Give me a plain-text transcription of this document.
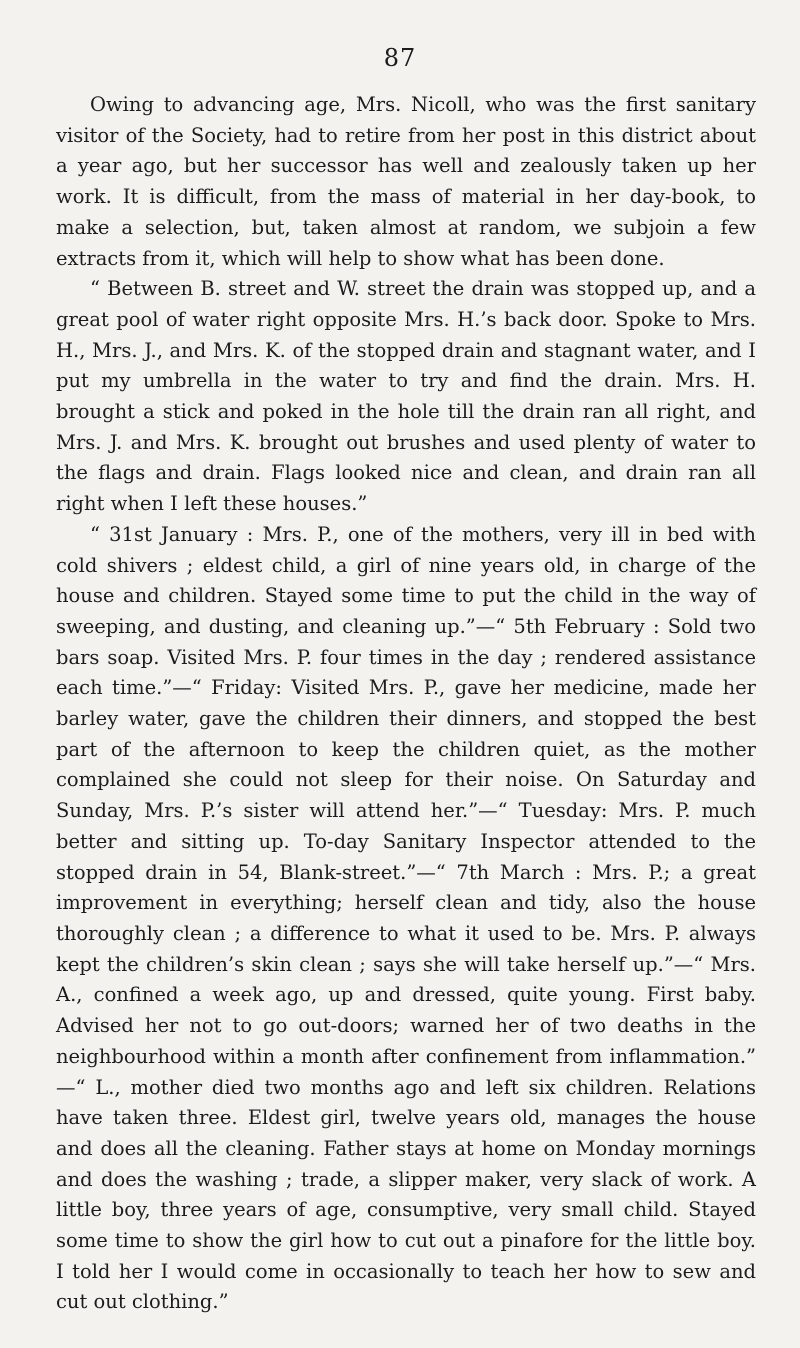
87

Owing to advancing age, Mrs. Nicoll, who was the first sanitary visitor of the Society, had to retire from her post in this district about a year ago, but her successor has well and zealously taken up her work. It is difficult, from the mass of material in her day-book, to make a selection, but, taken almost at random, we subjoin a few extracts from it, which will help to show what has been done.

“ Between B. street and W. street the drain was stopped up, and a great pool of water right opposite Mrs. H.’s back door. Spoke to Mrs. H., Mrs. J., and Mrs. K. of the stopped drain and stagnant water, and I put my umbrella in the water to try and find the drain. Mrs. H. brought a stick and poked in the hole till the drain ran all right, and Mrs. J. and Mrs. K. brought out brushes and used plenty of water to the flags and drain. Flags looked nice and clean, and drain ran all right when I left these houses.”

“ 31st January : Mrs. P., one of the mothers, very ill in bed with cold shivers ; eldest child, a girl of nine years old, in charge of the house and children. Stayed some time to put the child in the way of sweeping, and dusting, and cleaning up.”—“ 5th February : Sold two bars soap. Visited Mrs. P. four times in the day ; rendered assistance each time.”—“ Friday: Visited Mrs. P., gave her medicine, made her barley water, gave the children their dinners, and stopped the best part of the afternoon to keep the children quiet, as the mother complained she could not sleep for their noise. On Saturday and Sunday, Mrs. P.’s sister will attend her.”—“ Tuesday: Mrs. P. much better and sitting up. To-day Sanitary Inspector attended to the stopped drain in 54, Blank-street.”—“ 7th March : Mrs. P.; a great improvement in everything; herself clean and tidy, also the house thoroughly clean ; a difference to what it used to be. Mrs. P. always kept the children’s skin clean ; says she will take herself up.”—“ Mrs. A., confined a week ago, up and dressed, quite young. First baby. Advised her not to go out-doors; warned her of two deaths in the neighbourhood within a month after confinement from inflammation.” —“ L., mother died two months ago and left six children. Relations have taken three. Eldest girl, twelve years old, manages the house and does all the cleaning. Father stays at home on Monday mornings and does the washing ; trade, a slipper maker, very slack of work. A little boy, three years of age, consumptive, very small child. Stayed some time to show the girl how to cut out a pinafore for the little boy. I told her I would come in occasionally to teach her how to sew and cut out clothing.”
